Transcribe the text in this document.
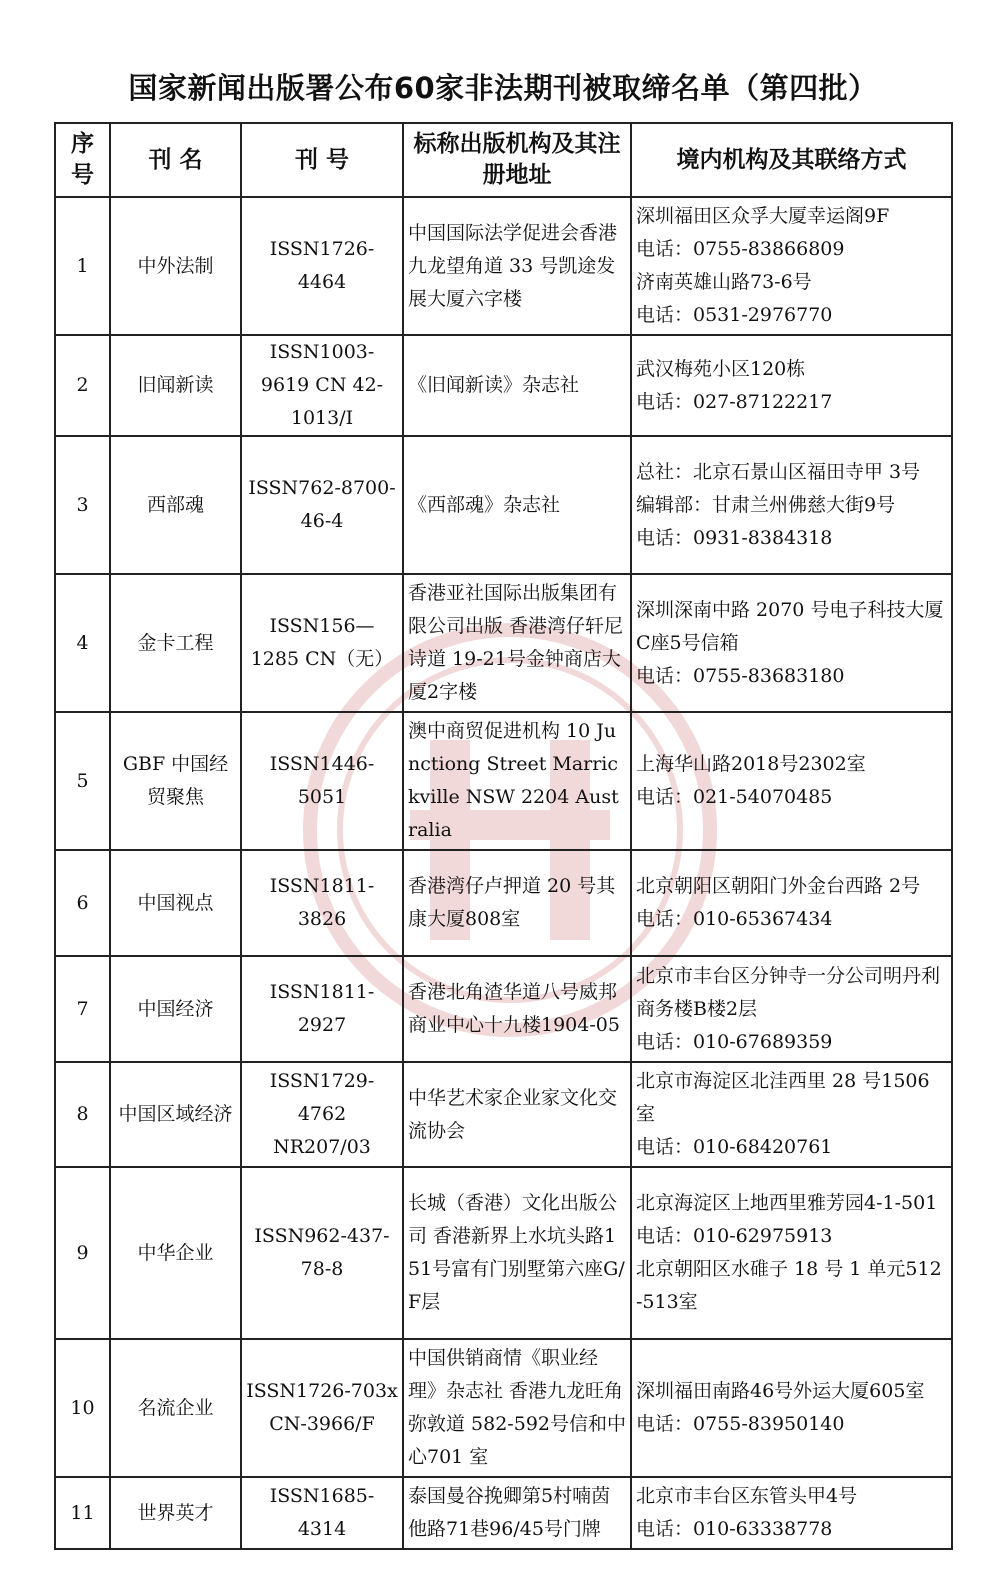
国家新闻出版署公布60家非法期刊被取缔名单（第四批）
序号	刊 名	刊 号	标称出版机构及其注册地址	境内机构及其联络方式
1	中外法制	ISSN1726-4464	中国国际法学促进会香港九龙望角道 33 号凯途发展大厦六字楼	深圳福田区众孚大厦幸运阁9F
电话：0755-83866809
济南英雄山路73-6号
电话：0531-2976770
2	旧闻新读	ISSN1003-9619 CN 42-1013/I	《旧闻新读》杂志社	武汉梅苑小区120栋
电话：027-87122217
3	西部魂	ISSN762-8700-46-4	《西部魂》杂志社	总社：北京石景山区福田寺甲 3号
编辑部：甘肃兰州佛慈大街9号
电话：0931-8384318
4	金卡工程	ISSN156—1285 CN（无）	香港亚社国际出版集团有限公司出版 香港湾仔轩尼诗道 19-21号金钟商店大厦2字楼	深圳深南中路 2070 号电子科技大厦C座5号信箱
电话：0755-83683180
5	GBF 中国经贸聚焦	ISSN1446-5051	澳中商贸促进机构 10 Junctiong Street Marrickville NSW 2204 Australia	上海华山路2018号2302室
电话：021-54070485
6	中国视点	ISSN1811-3826	香港湾仔卢押道 20 号其康大厦808室	北京朝阳区朝阳门外金台西路 2号
电话：010-65367434
7	中国经济	ISSN1811-2927	香港北角渣华道八号威邦商业中心十九楼1904-05	北京市丰台区分钟寺一分公司明丹利商务楼B楼2层
电话：010-67689359
8	中国区域经济	ISSN1729-4762 NR207/03	中华艺术家企业家文化交流协会	北京市海淀区北洼西里 28 号1506室
电话：010-68420761
9	中华企业	ISSN962-437-78-8	长城（香港）文化出版公司 香港新界上水坑头路151号富有门别墅第六座G/F层	北京海淀区上地西里雅芳园4-1-501
电话：010-62975913
北京朝阳区水碓子 18 号 1 单元512-513室
10	名流企业	ISSN1726-703x CN-3966/F	中国供销商情《职业经理》杂志社 香港九龙旺角弥敦道 582-592号信和中心701 室	深圳福田南路46号外运大厦605室
电话：0755-83950140
11	世界英才	ISSN1685-4314	泰国曼谷挽卿第5村喃茵他路71巷96/45号门牌	北京市丰台区东管头甲4号
电话：010-63338778
